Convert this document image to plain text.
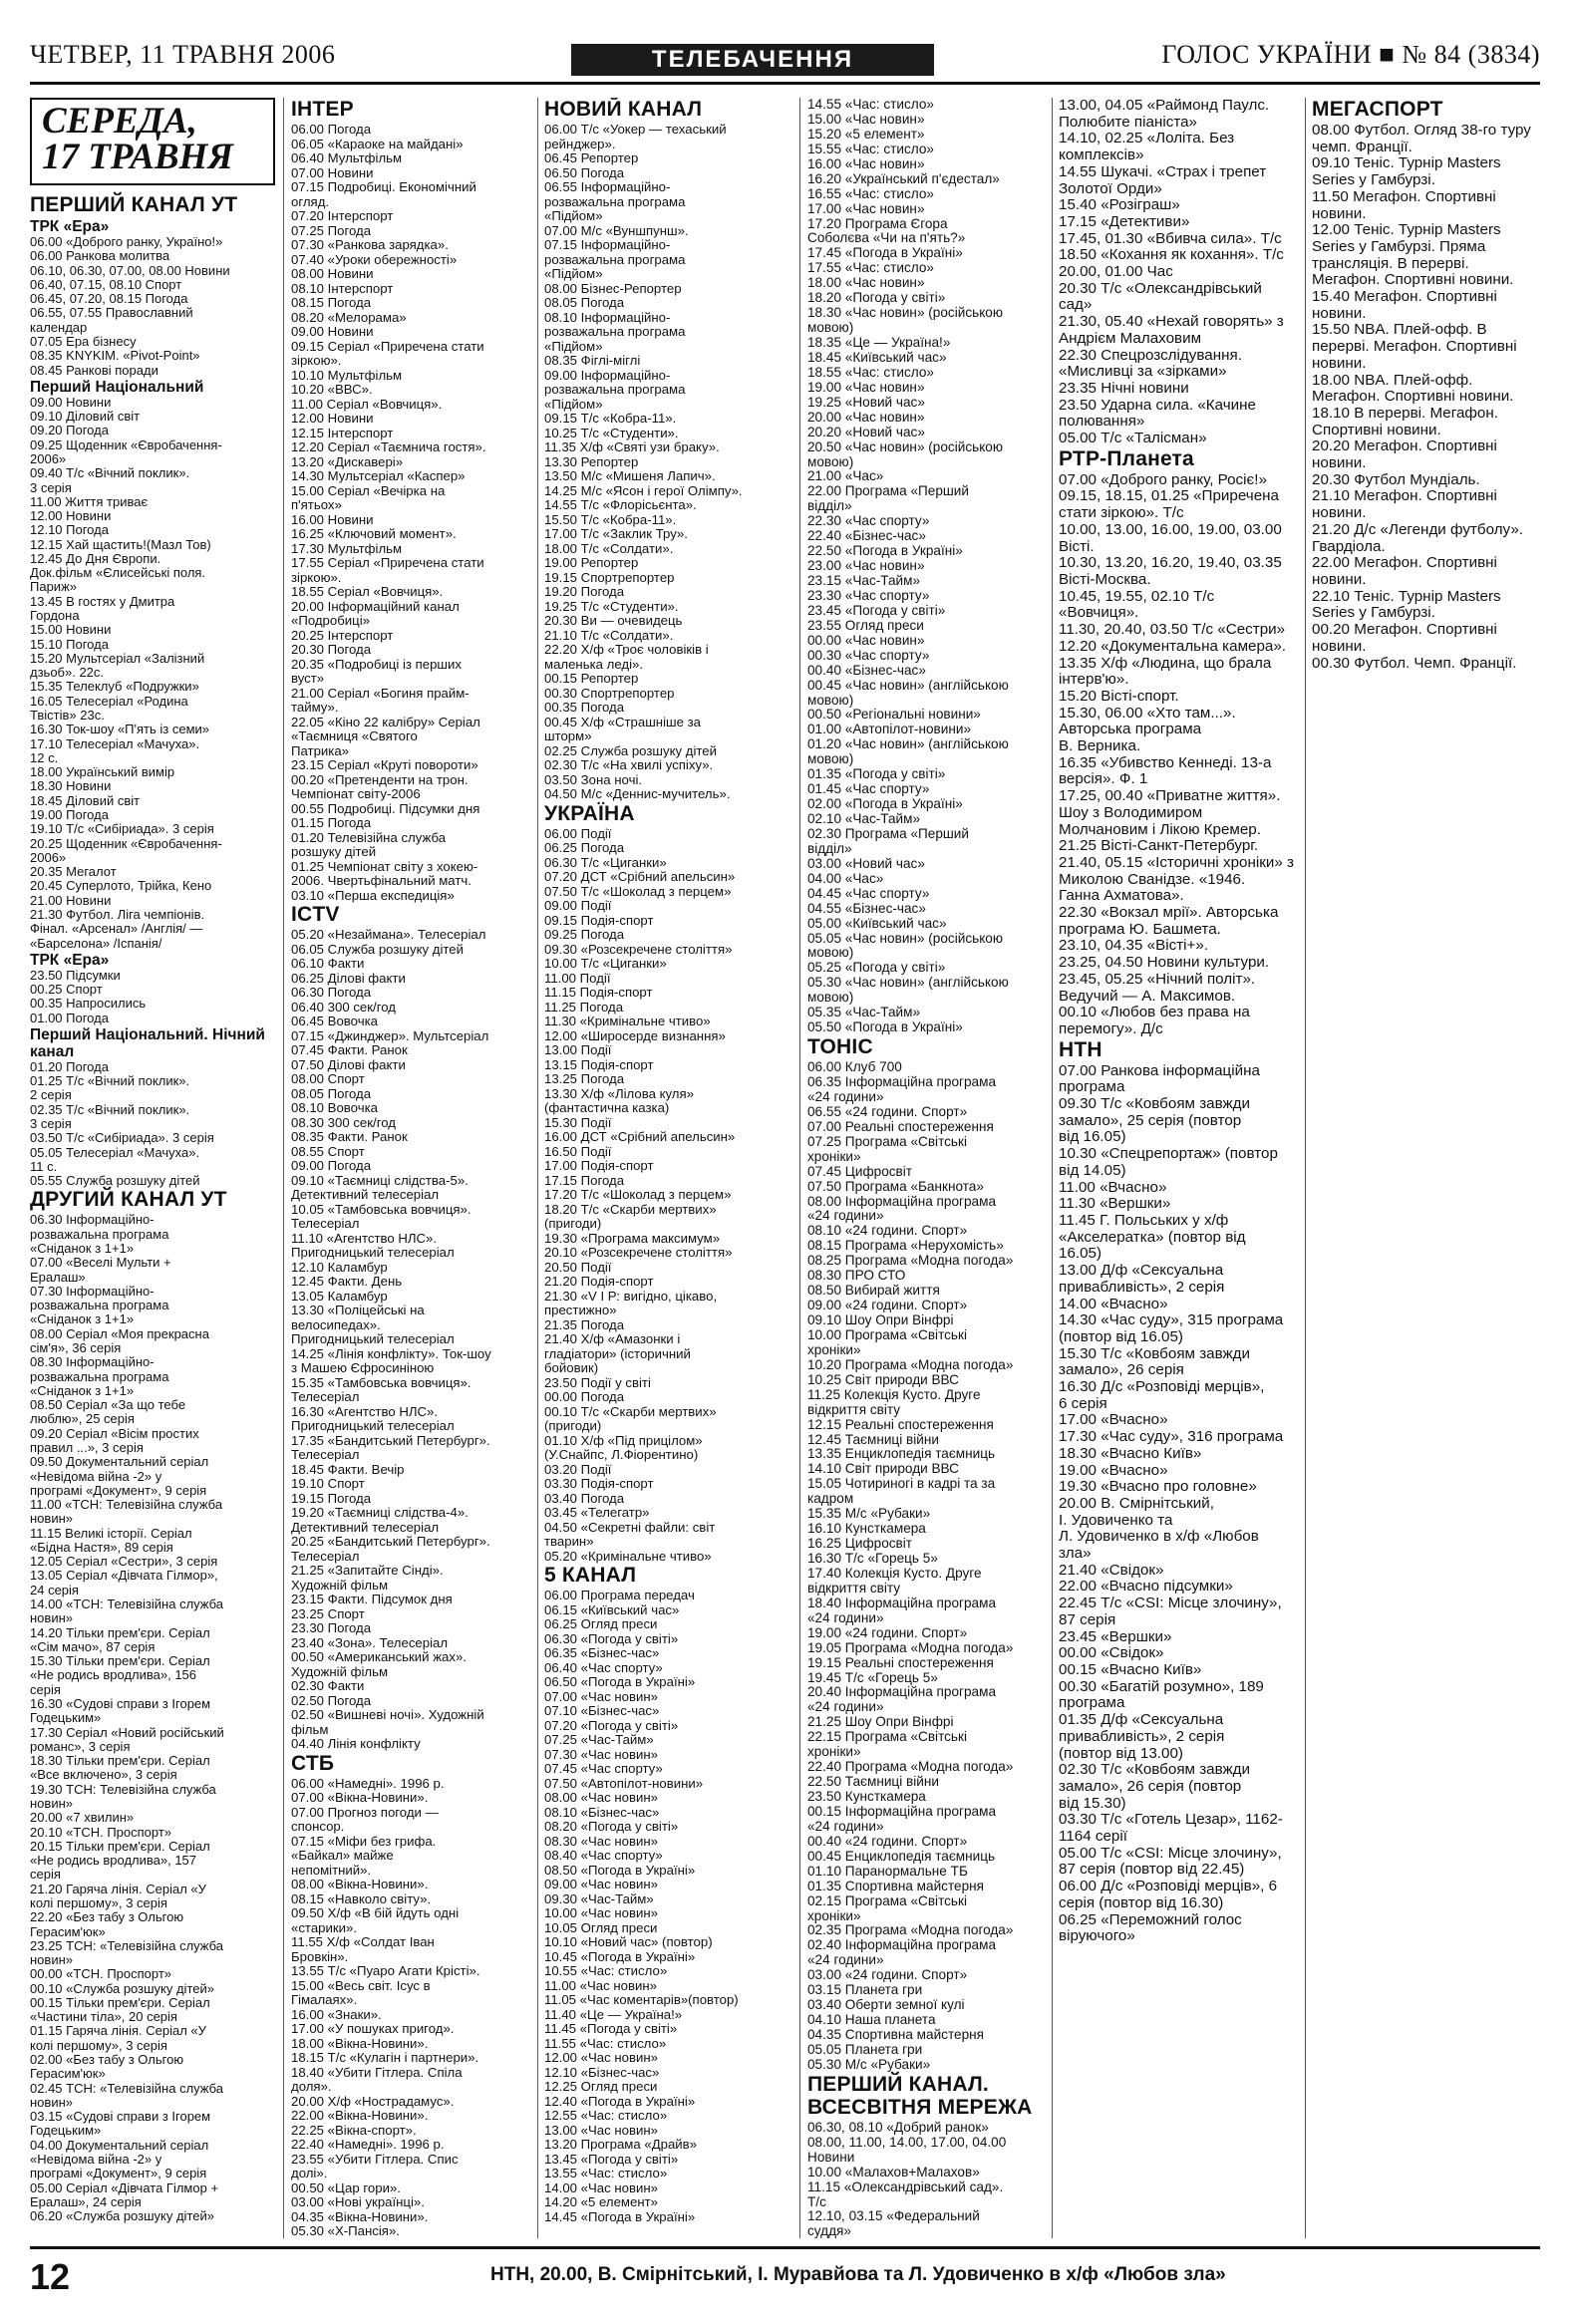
ЧЕТВЕР, 11 ТРАВНЯ 2006	ТЕЛЕБАЧЕННЯ	ГОЛОС УКРАЇНИ ■ № 84 (3834)
СЕРЕДА,
17 ТРАВНЯ
ПЕРШИЙ КАНАЛ УТ
ТРК «Ера»
06.00 «Доброго ранку, Україно!»
06.00 Ранкова молитва
06.10, 06.30, 07.00, 08.00 Новини
06.40, 07.15, 08.10 Спорт
06.45, 07.20, 08.15 Погода
06.55, 07.55 Православний
календар
07.05 Ера бізнесу
08.35 KNYKIM. «Pivot-Point»
08.45 Ранкові поради
Перший Національний
09.00 Новини
09.10 Діловий світ
09.20 Погода
09.25 Щоденник «Євробачення-
2006»
09.40 Т/с «Вічний поклик».
3 серія
11.00 Життя триває
12.00 Новини
12.10 Погода
12.15 Хай щастить!(Мазл Тов)
12.45 До Дня Європи.
Док.фільм «Єлисейські поля.
Париж»
13.45 В гостях у Дмитра
Гордона
15.00 Новини
15.10 Погода
15.20 Мультсеріал «Залізний
дзьоб». 22с.
15.35 Телеклуб «Подружки»
16.05 Телесеріал «Родина
Твістів» 23с.
16.30 Ток-шоу «П'ять із семи»
17.10 Телесеріал «Мачуха».
12 с.
18.00 Український вимір
18.30 Новини
18.45 Діловий світ
19.00 Погода
19.10 Т/с «Сибіриада». 3 серія
20.25 Щоденник «Євробачення-
2006»
20.35 Мегалот
20.45 Суперлото, Трійка, Кено
21.00 Новини
21.30 Футбол. Ліга чемпіонів.
Фінал. «Арсенал» /Англія/ —
«Барселона» /Іспанія/
ТРК «Ера»
23.50 Підсумки
00.25 Спорт
00.35 Напросились
01.00 Погода
Перший Національний. Нічний канал
01.20 Погода
01.25 Т/с «Вічний поклик».
2 серія
02.35 Т/с «Вічний поклик».
3 серія
03.50 Т/с «Сибіриада». 3 серія
05.05 Телесеріал «Мачуха».
11 с.
05.55 Служба розшуку дітей
ДРУГИЙ КАНАЛ УТ
06.30 Інформаційно-
розважальна програма
«Сніданок з 1+1»
07.00 «Веселі Мульти +
Ералаш»
07.30 Інформаційно-
розважальна програма
«Сніданок з 1+1»
08.00 Серіал «Моя прекрасна
сім'я», 36 серія
08.30 Інформаційно-
розважальна програма
«Сніданок з 1+1»
08.50 Серіал «За що тебе
люблю», 25 серія
09.20 Серіал «Вісім простих
правил ...», 3 серія
09.50 Документальний серіал
«Невідома війна -2» у
програмі «Документ», 9 серія
11.00 «ТСН: Телевізійна служба
новин»
11.15 Великі історії. Серіал
«Бідна Настя», 89 серія
12.05 Серіал «Сестри», 3 серія
13.05 Серіал «Дівчата Гілмор»,
24 серія
14.00 «ТСН: Телевізійна служба
новин»
14.20 Тільки прем'єри. Серіал
«Сім мачо», 87 серія
15.30 Тільки прем'єри. Серіал
«Не родись вродлива», 156
серія
16.30 «Судові справи з Ігорем
Годецьким»
17.30 Серіал «Новий російський
романс», 3 серія
18.30 Тільки прем'єри. Серіал
«Все включено», 3 серія
19.30 ТСН: Телевізійна служба
новин»
20.00 «7 хвилин»
20.10 «ТСН. Проспорт»
20.15 Тільки прем'єри. Серіал
«Не родись вродлива», 157
серія
21.20 Гаряча лінія. Серіал «У
колі першому», 3 серія
22.20 «Без табу з Ольгою
Герасим'юк»
23.25 ТСН: «Телевізійна служба
новин»
00.00 «ТСН. Проспорт»
00.10 «Служба розшуку дітей»
00.15 Тільки прем'єри. Серіал
«Частини тіла», 20 серія
01.15 Гаряча лінія. Серіал «У
колі першому», 3 серія
02.00 «Без табу з Ольгою
Герасим'юк»
02.45 ТСН: «Телевізійна служба
новин»
03.15 «Судові справи з Ігорем
Годецьким»
04.00 Документальний серіал
«Невідома війна -2» у
програмі «Документ», 9 серія
05.00 Серіал «Дівчата Гілмор +
Ералаш», 24 серія
06.20 «Служба розшуку дітей»
ІНТЕР
06.00 Погода
06.05 «Караоке на майдані»
06.40 Мультфільм
07.00 Новини
07.15 Подробиці. Економічний
огляд.
07.20 Інтерспорт
07.25 Погода
07.30 «Ранкова зарядка».
07.40 «Уроки обережності»
08.00 Новини
08.10 Інтерспорт
08.15 Погода
08.20 «Мелорама»
09.00 Новини
09.15 Серіал «Приречена стати
зіркою».
10.10 Мультфільм
10.20 «ВВС».
11.00 Серіал «Вовчиця».
12.00 Новини
12.15 Інтерспорт
12.20 Серіал «Таємнича гостя».
13.20 «Дискавері»
14.30 Мультсеріал «Каспер»
15.00 Серіал «Вечірка на
п'ятьох»
16.00 Новини
16.25 «Ключовий момент».
17.30 Мультфільм
17.55 Серіал «Приречена стати
зіркою».
18.55 Серіал «Вовчиця».
20.00 Інформаційний канал
«Подробиці»
20.25 Інтерспорт
20.30 Погода
20.35 «Подробиці із перших
вуст»
21.00 Серіал «Богиня прайм-
тайму».
22.05 «Кіно 22 калібру» Серіал
«Таємниця «Святого
Патрика»
23.15 Серіал «Круті повороти»
00.20 «Претенденти на трон.
Чемпіонат світу-2006
00.55 Подробиці. Підсумки дня
01.15 Погода
01.20 Телевізійна служба
розшуку дітей
01.25 Чемпіонат світу з хокею-
2006. Чвертьфінальний матч.
03.10 «Перша експедиція»
ICTV
05.20 «Незаймана». Телесеріал
06.05 Служба розшуку дітей
06.10 Факти
06.25 Ділові факти
06.30 Погода
06.40 300 сек/год
06.45 Вовочка
07.15 «Джинджер». Мультсеріал
07.45 Факти. Ранок
07.50 Ділові факти
08.00 Спорт
08.05 Погода
08.10 Вовочка
08.30 300 сек/год
08.35 Факти. Ранок
08.55 Спорт
09.00 Погода
09.10 «Таємниці слідства-5».
Детективний телесеріал
10.05 «Тамбовська вовчиця».
Телесеріал
11.10 «Агентство НЛС».
Пригодницький телесеріал
12.10 Каламбур
12.45 Факти. День
13.05 Каламбур
13.30 «Поліцейські на
велосипедах».
Пригодницький телесеріал
14.25 «Лінія конфлікту». Ток-шоу
з Машею Єфросиніною
15.35 «Тамбовська вовчиця».
Телесеріал
16.30 «Агентство НЛС».
Пригодницький телесеріал
17.35 «Бандитський Петербург».
Телесеріал
18.45 Факти. Вечір
19.10 Спорт
19.15 Погода
19.20 «Таємниці слідства-4».
Детективний телесеріал
20.25 «Бандитський Петербург».
Телесеріал
21.25 «Запитайте Сінді».
Художній фільм
23.15 Факти. Підсумок дня
23.25 Спорт
23.30 Погода
23.40 «Зона». Телесеріал
00.50 «Американський жах».
Художній фільм
02.30 Факти
02.50 Погода
02.50 «Вишневі ночі». Художній
фільм
04.40 Лінія конфлікту
СТБ
06.00 «Намедні». 1996 р.
07.00 «Вікна-Новини».
07.00 Прогноз погоди —
спонсор.
07.15 «Міфи без грифа.
«Байкал» майже
непомітний».
08.00 «Вікна-Новини».
08.15 «Навколо світу».
09.50 Х/ф «В бій йдуть одні
«старики».
11.55 Х/ф «Солдат Іван
Бровкін».
13.55 Т/с «Пуаро Агати Крісті».
15.00 «Весь світ. Ісус в
Гімалаях».
16.00 «Знаки».
17.00 «У пошуках пригод».
18.00 «Вікна-Новини».
18.15 Т/с «Кулагін і партнери».
18.40 «Убити Гітлера. Спілa
доля».
20.00 Х/ф «Нострадамус».
22.00 «Вікна-Новини».
22.25 «Вікна-спорт».
22.40 «Намедні». 1996 р.
23.55 «Убити Гітлера. Спис
долі».
00.50 «Цар гори».
03.00 «Нові українці».
04.35 «Вікна-Новини».
05.30 «Х-Пансія».
НОВИЙ КАНАЛ
06.00 Т/с «Уокер — техаський
рейнджер».
06.45 Репортер
06.50 Погода
06.55 Інформаційно-
розважальна програма
«Підйом»
07.00 М/с «Вуншпунш».
07.15 Інформаційно-
розважальна програма
«Підйом»
08.00 Бізнес-Репортер
08.05 Погода
08.10 Інформаційно-
розважальна програма
«Підйом»
08.35 Фіглі-міглі
09.00 Інформаційно-
розважальна програма
«Підйом»
09.15 Т/с «Кобра-11».
10.25 Т/с «Студенти».
11.35 Х/ф «Святі узи браку».
13.30 Репортер
13.50 М/с «Мишеня Лапич».
14.25 М/с «Ясон і герої Олімпу».
14.55 Т/с «Флорісьєнта».
15.50 Т/с «Кобра-11».
17.00 Т/с «Заклик Тру».
18.00 Т/с «Солдати».
19.00 Репортер
19.15 Спортрепортер
19.20 Погода
19.25 Т/с «Студенти».
20.30 Ви — очевидець
21.10 Т/с «Солдати».
22.20 Х/ф «Троє чоловіків і
маленька леді».
00.15 Репортер
00.30 Спортрепортер
00.35 Погода
00.45 Х/ф «Страшніше за
шторм»
02.25 Служба розшуку дітей
02.30 Т/с «На хвилі успіху».
03.50 Зона ночі.
04.50 М/с «Деннис-мучитель».
УКРАЇНА
06.00 Події
06.25 Погода
06.30 Т/с «Циганки»
07.20 ДСТ «Срібний апельсин»
07.50 Т/с «Шоколад з перцем»
09.00 Події
09.15 Подія-спорт
09.25 Погода
09.30 «Розсекречене століття»
10.00 Т/с «Циганки»
11.00 Події
11.15 Подія-спорт
11.25 Погода
11.30 «Кримінальне чтиво»
12.00 «Широсерде визнання»
13.00 Події
13.15 Подія-спорт
13.25 Погода
13.30 Х/ф «Лілова куля»
(фантастична казка)
15.30 Події
16.00 ДСТ «Срібний апельсин»
16.50 Події
17.00 Подія-спорт
17.15 Погода
17.20 Т/с «Шоколад з перцем»
18.20 Т/с «Скарби мертвих»
(пригоди)
19.30 «Програма максимум»
20.10 «Розсекречене століття»
20.50 Події
21.20 Подія-спорт
21.30 «V І Р: вигідно, цікаво,
престижно»
21.35 Погода
21.40 Х/ф «Амазонки і
гладіатори» (історичний
бойовик)
23.50 Події у світі
00.00 Погода
00.10 Т/с «Скарби мертвих»
(пригоди)
01.10 Х/ф «Під прицілом»
(У.Снайпс, Л.Фіорентино)
03.20 Події
03.30 Подія-спорт
03.40 Погода
03.45 «Телегатр»
04.50 «Секретні файли: світ
тварин»
05.20 «Кримінальне чтиво»
5 КАНАЛ
06.00 Програма передач
06.15 «Київський час»
06.25 Огляд преси
06.30 «Погода у світі»
06.35 «Бізнес-час»
06.40 «Час спорту»
06.50 «Погода в Україні»
07.00 «Час новин»
07.10 «Бізнес-час»
07.20 «Погода у світі»
07.25 «Час-Тайм»
07.30 «Час новин»
07.45 «Час спорту»
07.50 «Автопілот-новини»
08.00 «Час новин»
08.10 «Бізнес-час»
08.20 «Погода у світі»
08.30 «Час новин»
08.40 «Час спорту»
08.50 «Погода в Україні»
09.00 «Час новин»
09.30 «Час-Тайм»
10.00 «Час новин»
10.05 Огляд преси
10.10 «Новий час» (повтор)
10.45 «Погода в Україні»
10.55 «Час: стисло»
11.00 «Час новин»
11.05 «Час коментарів»(повтор)
11.40 «Це — Україна!»
11.45 «Погода у світі»
11.55 «Час: стисло»
12.00 «Час новин»
12.10 «Бізнес-час»
12.25 Огляд преси
12.40 «Погода в Україні»
12.55 «Час: стисло»
13.00 «Час новин»
13.20 Програма «Драйв»
13.45 «Погода у світі»
13.55 «Час: стисло»
14.00 «Час новин»
14.20 «5 елемент»
14.45 «Погода в Україні»
14.55 «Час: стисло»
15.00 «Час новин»
15.20 «5 елемент»
15.55 «Час: стисло»
16.00 «Час новин»
16.20 «Український п'єдестал»
16.55 «Час: стисло»
17.00 «Час новин»
17.20 Програма Єгора
Соболєва «Чи на п'ять?»
17.45 «Погода в Україні»
17.55 «Час: стисло»
18.00 «Час новин»
18.20 «Погода у світі»
18.30 «Час новин» (російською
мовою)
18.35 «Це — Україна!»
18.45 «Київський час»
18.55 «Час: стисло»
19.00 «Час новин»
19.25 «Новий час»
20.00 «Час новин»
20.20 «Новий час»
20.50 «Час новин» (російською
мовою)
21.00 «Час»
22.00 Програма «Перший
відділ»
22.30 «Час спорту»
22.40 «Бізнес-час»
22.50 «Погода в Україні»
23.00 «Час новин»
23.15 «Час-Тайм»
23.30 «Час спорту»
23.45 «Погода у світі»
23.55 Огляд преси
00.00 «Час новин»
00.30 «Час спорту»
00.40 «Бізнес-час»
00.45 «Час новин» (англійською
мовою)
00.50 «Регіональні новини»
01.00 «Автопілот-новини»
01.20 «Час новин» (англійською
мовою)
01.35 «Погода у світі»
01.45 «Час спорту»
02.00 «Погода в Україні»
02.10 «Час-Тайм»
02.30 Програма «Перший
відділ»
03.00 «Новий час»
04.00 «Час»
04.45 «Час спорту»
04.55 «Бізнес-час»
05.00 «Київський час»
05.05 «Час новин» (російською
мовою)
05.25 «Погода у світі»
05.30 «Час новин» (англійською
мовою)
05.35 «Час-Тайм»
05.50 «Погода в Україні»
ТОНІС
06.00 Клуб 700
06.35 Інформаційна програма
«24 години»
06.55 «24 години. Спорт»
07.00 Реальні спостереження
07.25 Програма «Світські
хроніки»
07.45 Цифросвіт
07.50 Програма «Банкнота»
08.00 Інформаційна програма
«24 години»
08.10 «24 години. Спорт»
08.15 Програма «Нерухомість»
08.25 Програма «Модна погода»
08.30 ПРО СТО
08.50 Вибирай життя
09.00 «24 години. Спорт»
09.10 Шоу Опри Вінфрі
10.00 Програма «Світські
хроніки»
10.20 Програма «Модна погода»
10.25 Світ природи ВВС
11.25 Колекція Кусто. Друге
відкриття світу
12.15 Реальні спостереження
12.45 Таємниці війни
13.35 Енциклопедія таємниць
14.10 Світ природи ВВС
15.05 Чотириногі в кадрі та за
кадром
15.35 М/с «Рубаки»
16.10 Кунсткамера
16.25 Цифросвіт
16.30 Т/с «Горець 5»
17.40 Колекція Кусто. Друге
відкриття світу
18.40 Інформаційна програма
«24 години»
19.00 «24 години. Спорт»
19.05 Програма «Модна погода»
19.15 Реальні спостереження
19.45 Т/с «Горець 5»
20.40 Інформаційна програма
«24 години»
21.25 Шоу Опри Вінфрі
22.15 Програма «Світські
хроніки»
22.40 Програма «Модна погода»
22.50 Таємниці війни
23.50 Кунсткамера
00.15 Інформаційна програма
«24 години»
00.40 «24 години. Спорт»
00.45 Енциклопедія таємниць
01.10 Паранормальне ТБ
01.35 Спортивна майстерня
02.15 Програма «Світські
хроніки»
02.35 Програма «Модна погода»
02.40 Інформаційна програма
«24 години»
03.00 «24 години. Спорт»
03.15 Планета гри
03.40 Оберти земної кулі
04.10 Наша планета
04.35 Спортивна майстерня
05.05 Планета гри
05.30 М/с «Рубаки»
ПЕРШИЙ КАНАЛ. ВСЕСВІТНЯ МЕРЕЖА
06.30, 08.10 «Добрий ранок»
08.00, 11.00, 14.00, 17.00, 04.00
Новини
10.00 «Малахов+Малахов»
11.15 «Олександрівський сад».
Т/с
12.10, 03.15 «Федеральний
суддя»
13.00, 04.05 «Раймонд Паулс.
Полюбите піаніста»
14.10, 02.25 «Лоліта. Без
комплексів»
14.55 Шукачі. «Страх і трепет
Золотої Орди»
15.40 «Розіграш»
17.15 «Детективи»
17.45, 01.30 «Вбивча сила». Т/с
18.50 «Кохання як кохання». Т/с
20.00, 01.00 Час
20.30 Т/с «Олександрівський
сад»
21.30, 05.40 «Нехай говорять» з
Андрієм Малаховим
22.30 Спецрозслідування.
«Мисливці за «зірками»
23.35 Нічні новини
23.50 Ударна сила. «Качине
полювання»
05.00 Т/с «Талісман»
РТР-Планета
07.00 «Доброго ранку, Росіє!»
09.15, 18.15, 01.25 «Приречена
стати зіркою». Т/с
10.00, 13.00, 16.00, 19.00, 03.00
Вісті.
10.30, 13.20, 16.20, 19.40, 03.35
Вісті-Москва.
10.45, 19.55, 02.10 Т/с
«Вовчиця».
11.30, 20.40, 03.50 Т/с «Сестри»
12.20 «Документальна камера».
13.35 Х/ф «Людина, що брала
інтерв'ю».
15.20 Вісті-спорт.
15.30, 06.00 «Хто там...».
Авторська програма
В. Верника.
16.35 «Убивство Кеннеді. 13-а
версія». Ф. 1
17.25, 00.40 «Приватне життя».
Шоу з Володимиром
Молчановим і Лікою Кремер.
21.25 Вісті-Санкт-Петербург.
21.40, 05.15 «Історичні хроніки» з
Миколою Сванідзе. «1946.
Ганна Ахматова».
22.30 «Вокзал мрії». Авторська
програма Ю. Башмета.
23.10, 04.35 «Вісті+».
23.25, 04.50 Новини культури.
23.45, 05.25 «Нічний політ».
Ведучий — А. Максимов.
00.10 «Любов без права на
перемогу». Д/с
НТН
07.00 Ранкова інформаційна
програма
09.30 Т/с «Ковбоям завжди
замало», 25 серія (повтор
від 16.05)
10.30 «Спецрепортаж» (повтор
від 14.05)
11.00 «Вчасно»
11.30 «Вершки»
11.45 Г. Польських у х/ф
«Акселератка» (повтор від
16.05)
13.00 Д/ф «Сексуальна
привабливість», 2 серія
14.00 «Вчасно»
14.30 «Час суду», 315 програма
(повтор від 16.05)
15.30 Т/с «Ковбоям завжди
замало», 26 серія
16.30 Д/с «Розповіді мерців»,
6 серія
17.00 «Вчасно»
17.30 «Час суду», 316 програма
18.30 «Вчасно Київ»
19.00 «Вчасно»
19.30 «Вчасно про головне»
20.00 В. Смірнітський,
І. Удовиченко та
Л. Удовиченко в х/ф «Любов
зла»
21.40 «Свідок»
22.00 «Вчасно підсумки»
22.45 Т/с «CSI: Місце злочину»,
87 серія
23.45 «Вершки»
00.00 «Свідок»
00.15 «Вчасно Київ»
00.30 «Багатій розумно», 189
програма
01.35 Д/ф «Сексуальна
привабливість», 2 серія
(повтор від 13.00)
02.30 Т/с «Ковбоям завжди
замало», 26 серія (повтор
від 15.30)
03.30 Т/с «Готель Цезар», 1162-
1164 серії
05.00 Т/с «CSI: Місце злочину»,
87 серія (повтор від 22.45)
06.00 Д/с «Розповіді мерців», 6
серія (повтор від 16.30)
06.25 «Переможний голос
віруючого»
МЕГАСПОРТ
08.00 Футбол. Огляд 38-го туру
чемп. Франції.
09.10 Теніс. Турнір Masters
Series у Гамбурзі.
11.50 Мегафон. Спортивні
новини.
12.00 Теніс. Турнір Masters
Series у Гамбурзі. Пряма
трансляція. В перерві.
Мегафон. Спортивні новини.
15.40 Мегафон. Спортивні
новини.
15.50 NBA. Плей-офф. В
перерві. Мегафон. Спортивні
новини.
18.00 NBA. Плей-офф.
Мегафон. Спортивні новини.
18.10 В перерві. Мегафон.
Спортивні новини.
20.20 Мегафон. Спортивні
новини.
20.30 Футбол Мундіаль.
21.10 Мегафон. Спортивні
новини.
21.20 Д/с «Легенди футболу».
Гвардіола.
22.00 Мегафон. Спортивні
новини.
22.10 Теніс. Турнір Masters
Series у Гамбурзі.
00.20 Мегафон. Спортивні
новини.
00.30 Футбол. Чемп. Франції.
12	НТН, 20.00, В. Смірнітський, І. Муравйова та Л. Удовиченко в х/ф «Любов зла»
